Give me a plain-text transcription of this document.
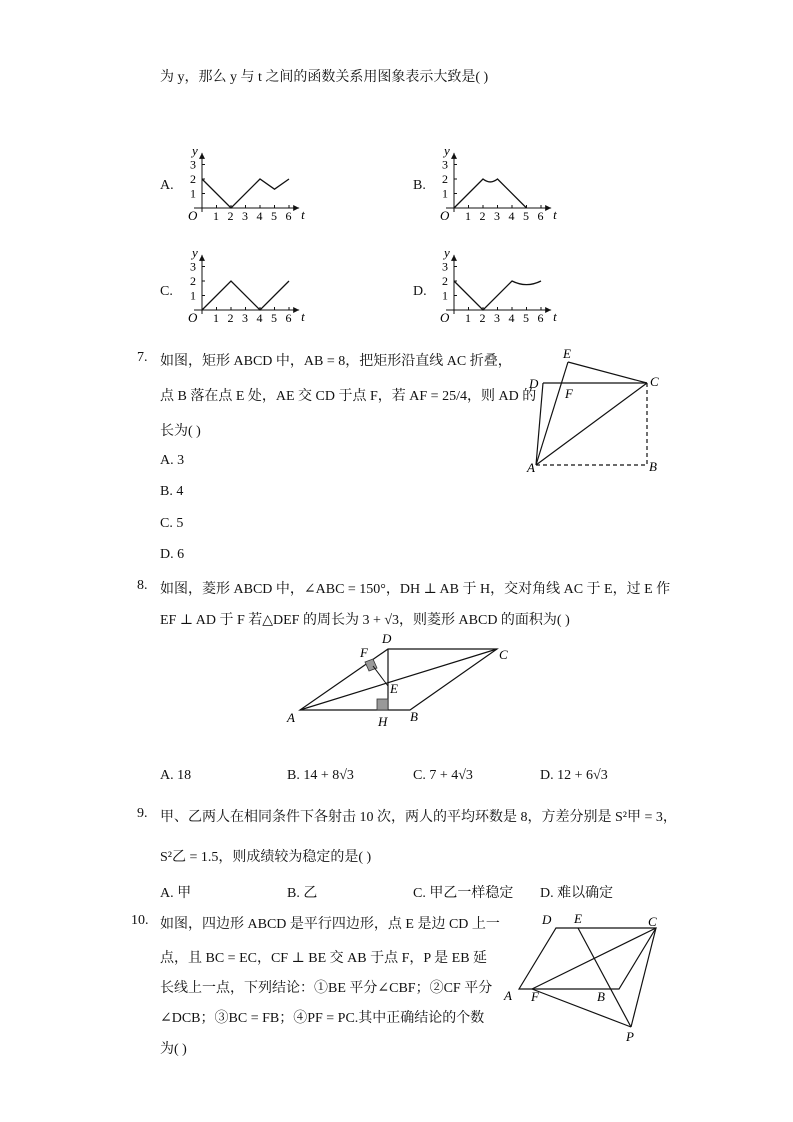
为 y，那么 y 与 t 之间的函数关系用图象表示大致是( )
A.	B.
C.	D.
1 2 3 4 5 6
1
2
3
O	t
y
1 2 3 4 5 6
1
2
3
O	t
y
1 2 3 4 5 6
1
2
3
O	t
y
1 2 3 4 5 6
1
2
3
O	t
y
7. 如图，矩形 ABCD 中，AB = 8，把矩形沿直线 AC 折叠，
点 B 落在点 E 处，AE 交 CD 于点 F，若 AF = 25/4，则 AD 的
长为( )
A. 3
B. 4
C. 5
D. 6
E
D
F
C
A	B
8. 如图，菱形 ABCD 中，∠ABC = 150°，DH ⊥ AB 于 H，交对角线 AC 于 E，过 E 作
EF ⊥ AD 于 F 若△DEF 的周长为 3 + √3，则菱形 ABCD 的面积为( )
D
F	C
E
A	H B
A. 18	B. 14 + 8√3	C. 7 + 4√3	D. 12 + 6√3
9. 甲、乙两人在相同条件下各射击 10 次，两人的平均环数是 8，方差分别是 S²甲 = 3，
S²乙 = 1.5，则成绩较为稳定的是( )
A. 甲	B. 乙	C. 甲乙一样稳定 D. 难以确定
10. 如图，四边形 ABCD 是平行四边形，点 E 是边 CD 上一
点，且 BC = EC，CF ⊥ BE 交 AB 于点 F，P 是 EB 延
长线上一点，下列结论：①BE 平分∠CBF；②CF 平分
∠DCB；③BC = FB；④PF = PC.其中正确结论的个数
为( )
D E	C
A F	B
P
